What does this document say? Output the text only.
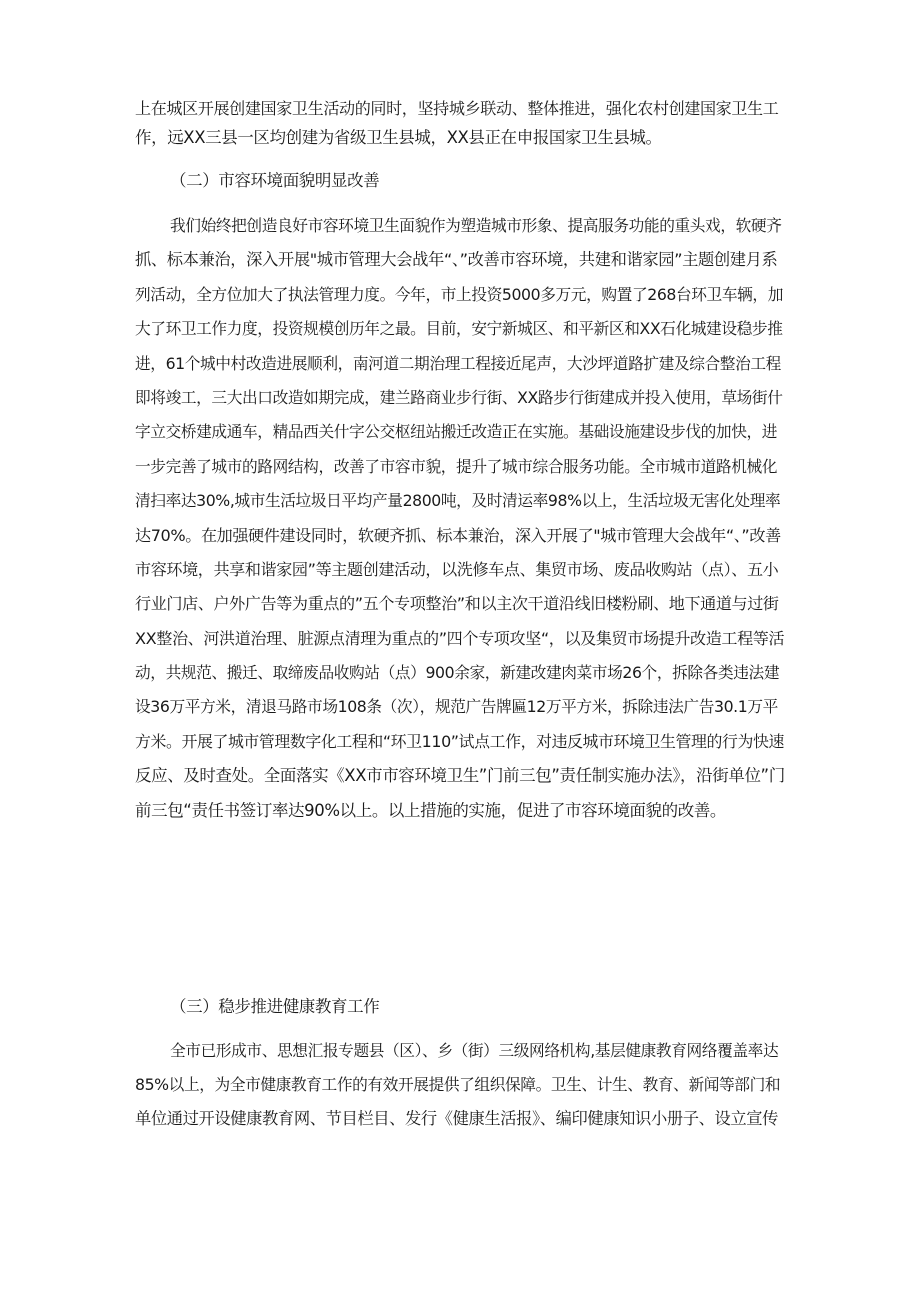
上在城区开展创建国家卫生活动的同时，坚持城乡联动、整体推进，强化农村创建国家卫生工
作，远XX三县一区均创建为省级卫生县城，XX县正在申报国家卫生县城。

（二）市容环境面貌明显改善

我们始终把创造良好市容环境卫生面貌作为塑造城市形象、提高服务功能的重头戏，软硬齐
抓、标本兼治，深入开展"城市管理大会战年“、”改善市容环境，共建和谐家园”主题创建月系
列活动，全方位加大了执法管理力度。今年，市上投资5000多万元，购置了268台环卫车辆，加
大了环卫工作力度，投资规模创历年之最。目前，安宁新城区、和平新区和XX石化城建设稳步推
进，61个城中村改造进展顺利，南河道二期治理工程接近尾声，大沙坪道路扩建及综合整治工程
即将竣工，三大出口改造如期完成，建兰路商业步行街、XX路步行街建成并投入使用，草场街什
字立交桥建成通车，精品西关什字公交枢纽站搬迁改造正在实施。基础设施建设步伐的加快，进
一步完善了城市的路网结构，改善了市容市貌，提升了城市综合服务功能。全市城市道路机械化
清扫率达30%,城市生活垃圾日平均产量2800吨，及时清运率98%以上，生活垃圾无害化处理率
达70%。在加强硬件建设同时，软硬齐抓、标本兼治，深入开展了"城市管理大会战年“、”改善
市容环境，共享和谐家园”等主题创建活动，以洗修车点、集贸市场、废品收购站（点）、五小
行业门店、户外广告等为重点的”五个专项整治”和以主次干道沿线旧楼粉刷、地下通道与过街
XX整治、河洪道治理、脏源点清理为重点的”四个专项攻坚“，以及集贸市场提升改造工程等活
动，共规范、搬迁、取缔废品收购站（点）900余家，新建改建肉菜市场26个，拆除各类违法建
设36万平方米，清退马路市场108条（次），规范广告牌匾12万平方米，拆除违法广告30.1万平
方米。开展了城市管理数字化工程和“环卫110”试点工作，对违反城市环境卫生管理的行为快速
反应、及时查处。全面落实《XX市市容环境卫生”门前三包”责任制实施办法》，沿街单位”门
前三包“责任书签订率达90%以上。以上措施的实施，促进了市容环境面貌的改善。

（三）稳步推进健康教育工作

全市已形成市、思想汇报专题县（区）、乡（街）三级网络机构,基层健康教育网络覆盖率达
85%以上，为全市健康教育工作的有效开展提供了组织保障。卫生、计生、教育、新闻等部门和
单位通过开设健康教育网、节目栏目、发行《健康生活报》、编印健康知识小册子、设立宣传
